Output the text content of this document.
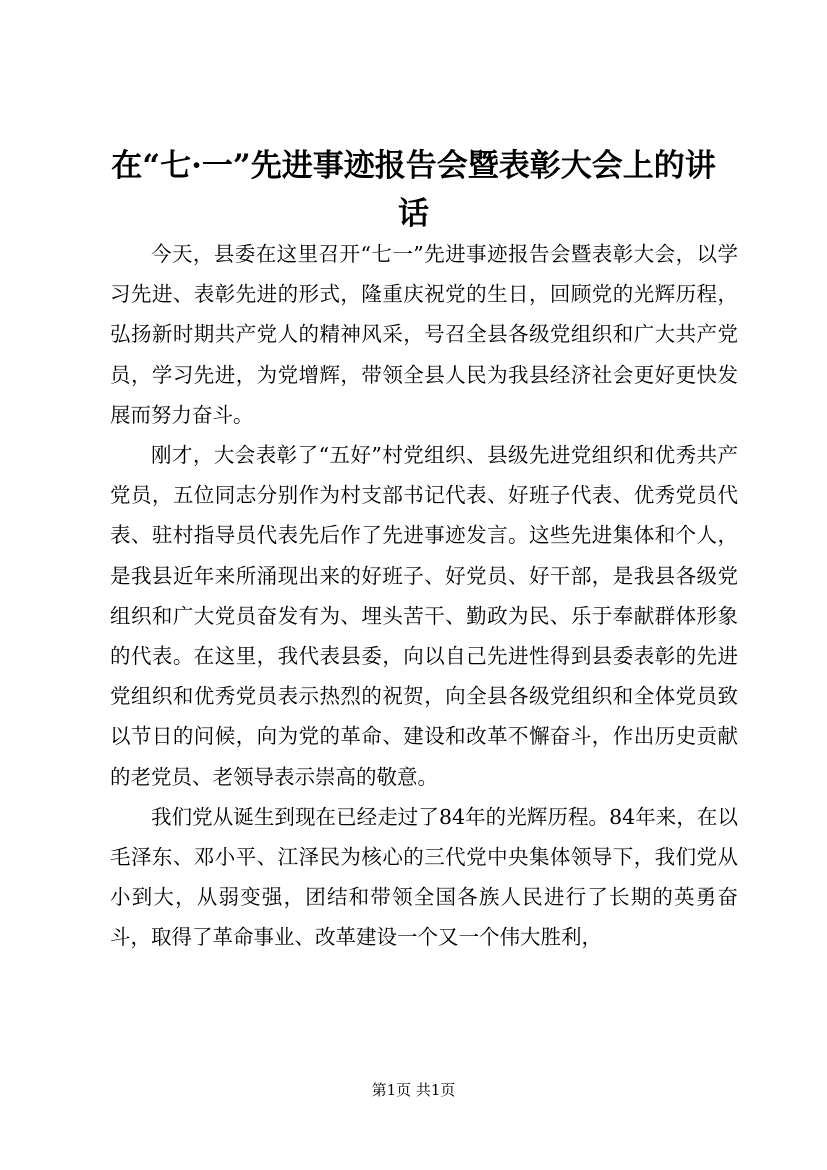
在“七·一”先进事迹报告会暨表彰大会上的讲话

今天，县委在这里召开“七一”先进事迹报告会暨表彰大会，以学习先进、表彰先进的形式，隆重庆祝党的生日，回顾党的光辉历程，弘扬新时期共产党人的精神风采，号召全县各级党组织和广大共产党员，学习先进，为党增辉，带领全县人民为我县经济社会更好更快发展而努力奋斗。

刚才，大会表彰了“五好”村党组织、县级先进党组织和优秀共产党员，五位同志分别作为村支部书记代表、好班子代表、优秀党员代表、驻村指导员代表先后作了先进事迹发言。这些先进集体和个人，是我县近年来所涌现出来的好班子、好党员、好干部，是我县各级党组织和广大党员奋发有为、埋头苦干、勤政为民、乐于奉献群体形象的代表。在这里，我代表县委，向以自己先进性得到县委表彰的先进党组织和优秀党员表示热烈的祝贺，向全县各级党组织和全体党员致以节日的问候，向为党的革命、建设和改革不懈奋斗，作出历史贡献的老党员、老领导表示崇高的敬意。

我们党从诞生到现在已经走过了84年的光辉历程。84年来，在以毛泽东、邓小平、江泽民为核心的三代党中央集体领导下，我们党从小到大，从弱变强，团结和带领全国各族人民进行了长期的英勇奋斗，取得了革命事业、改革建设一个又一个伟大胜利，

第1页 共1页
